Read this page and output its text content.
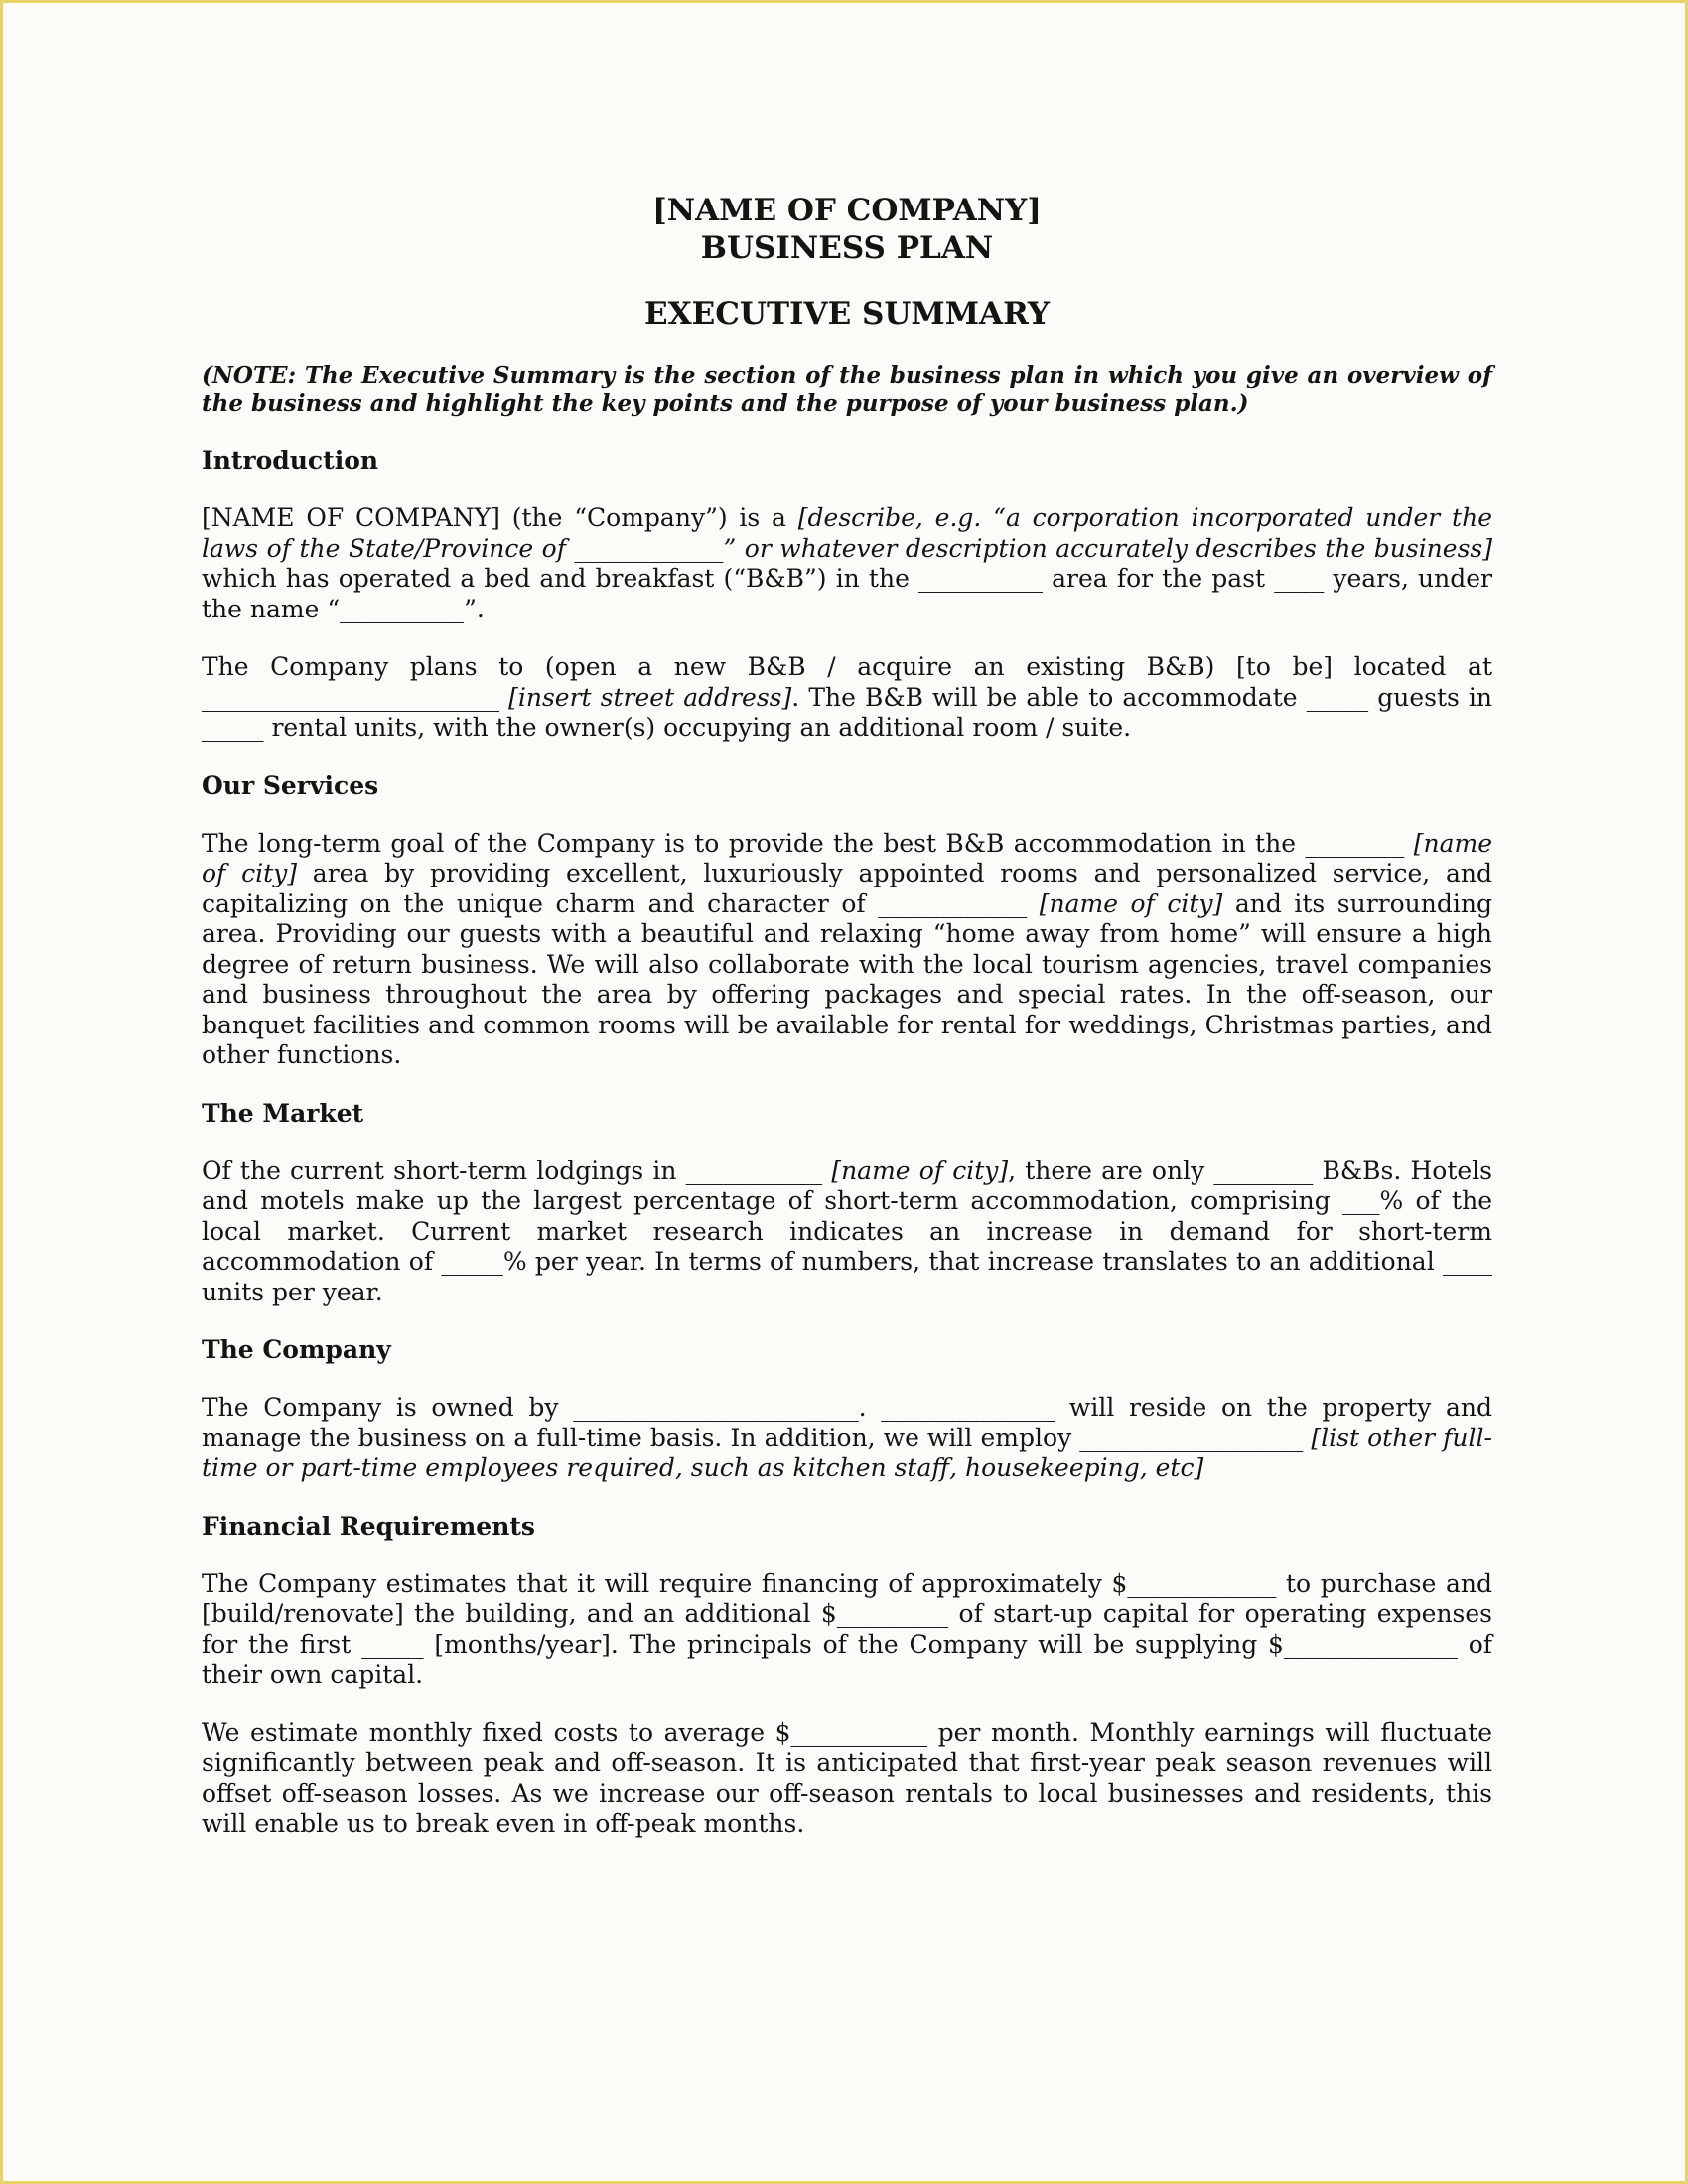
[NAME OF COMPANY]
BUSINESS PLAN
EXECUTIVE SUMMARY
(NOTE: The Executive Summary is the section of the business plan in which you give an overview of the business and highlight the key points and the purpose of your business plan.)
Introduction

[NAME OF COMPANY] (the “Company”) is a [describe, e.g. “a corporation incorporated under the laws of the State/Province of ____________” or whatever description accurately describes the business] which has operated a bed and breakfast (“B&B”) in the __________ area for the past ____ years, under the name “__________”.

The Company plans to (open a new B&B / acquire an existing B&B) [to be] located at ________________________ [insert street address]. The B&B will be able to accommodate _____ guests in _____ rental units, with the owner(s) occupying an additional room / suite.

Our Services

The long-term goal of the Company is to provide the best B&B accommodation in the ________ [name of city] area by providing excellent, luxuriously appointed rooms and personalized service, and capitalizing on the unique charm and character of ____________ [name of city] and its surrounding area. Providing our guests with a beautiful and relaxing “home away from home” will ensure a high degree of return business. We will also collaborate with the local tourism agencies, travel companies and business throughout the area by offering packages and special rates. In the off-season, our banquet facilities and common rooms will be available for rental for weddings, Christmas parties, and other functions.

The Market

Of the current short-term lodgings in ___________ [name of city], there are only ________ B&Bs. Hotels and motels make up the largest percentage of short-term accommodation, comprising ___% of the local market. Current market research indicates an increase in demand for short-term accommodation of _____% per year. In terms of numbers, that increase translates to an additional ____ units per year.

The Company

The Company is owned by _______________________. ______________ will reside on the property and manage the business on a full-time basis. In addition, we will employ __________________ [list other full-time or part-time employees required, such as kitchen staff, housekeeping, etc]

Financial Requirements

The Company estimates that it will require financing of approximately $____________ to purchase and [build/renovate] the building, and an additional $_________ of start-up capital for operating expenses for the first _____ [months/year]. The principals of the Company will be supplying $______________ of their own capital.

We estimate monthly fixed costs to average $___________ per month. Monthly earnings will fluctuate significantly between peak and off-season. It is anticipated that first-year peak season revenues will offset off-season losses. As we increase our off-season rentals to local businesses and residents, this will enable us to break even in off-peak months.
